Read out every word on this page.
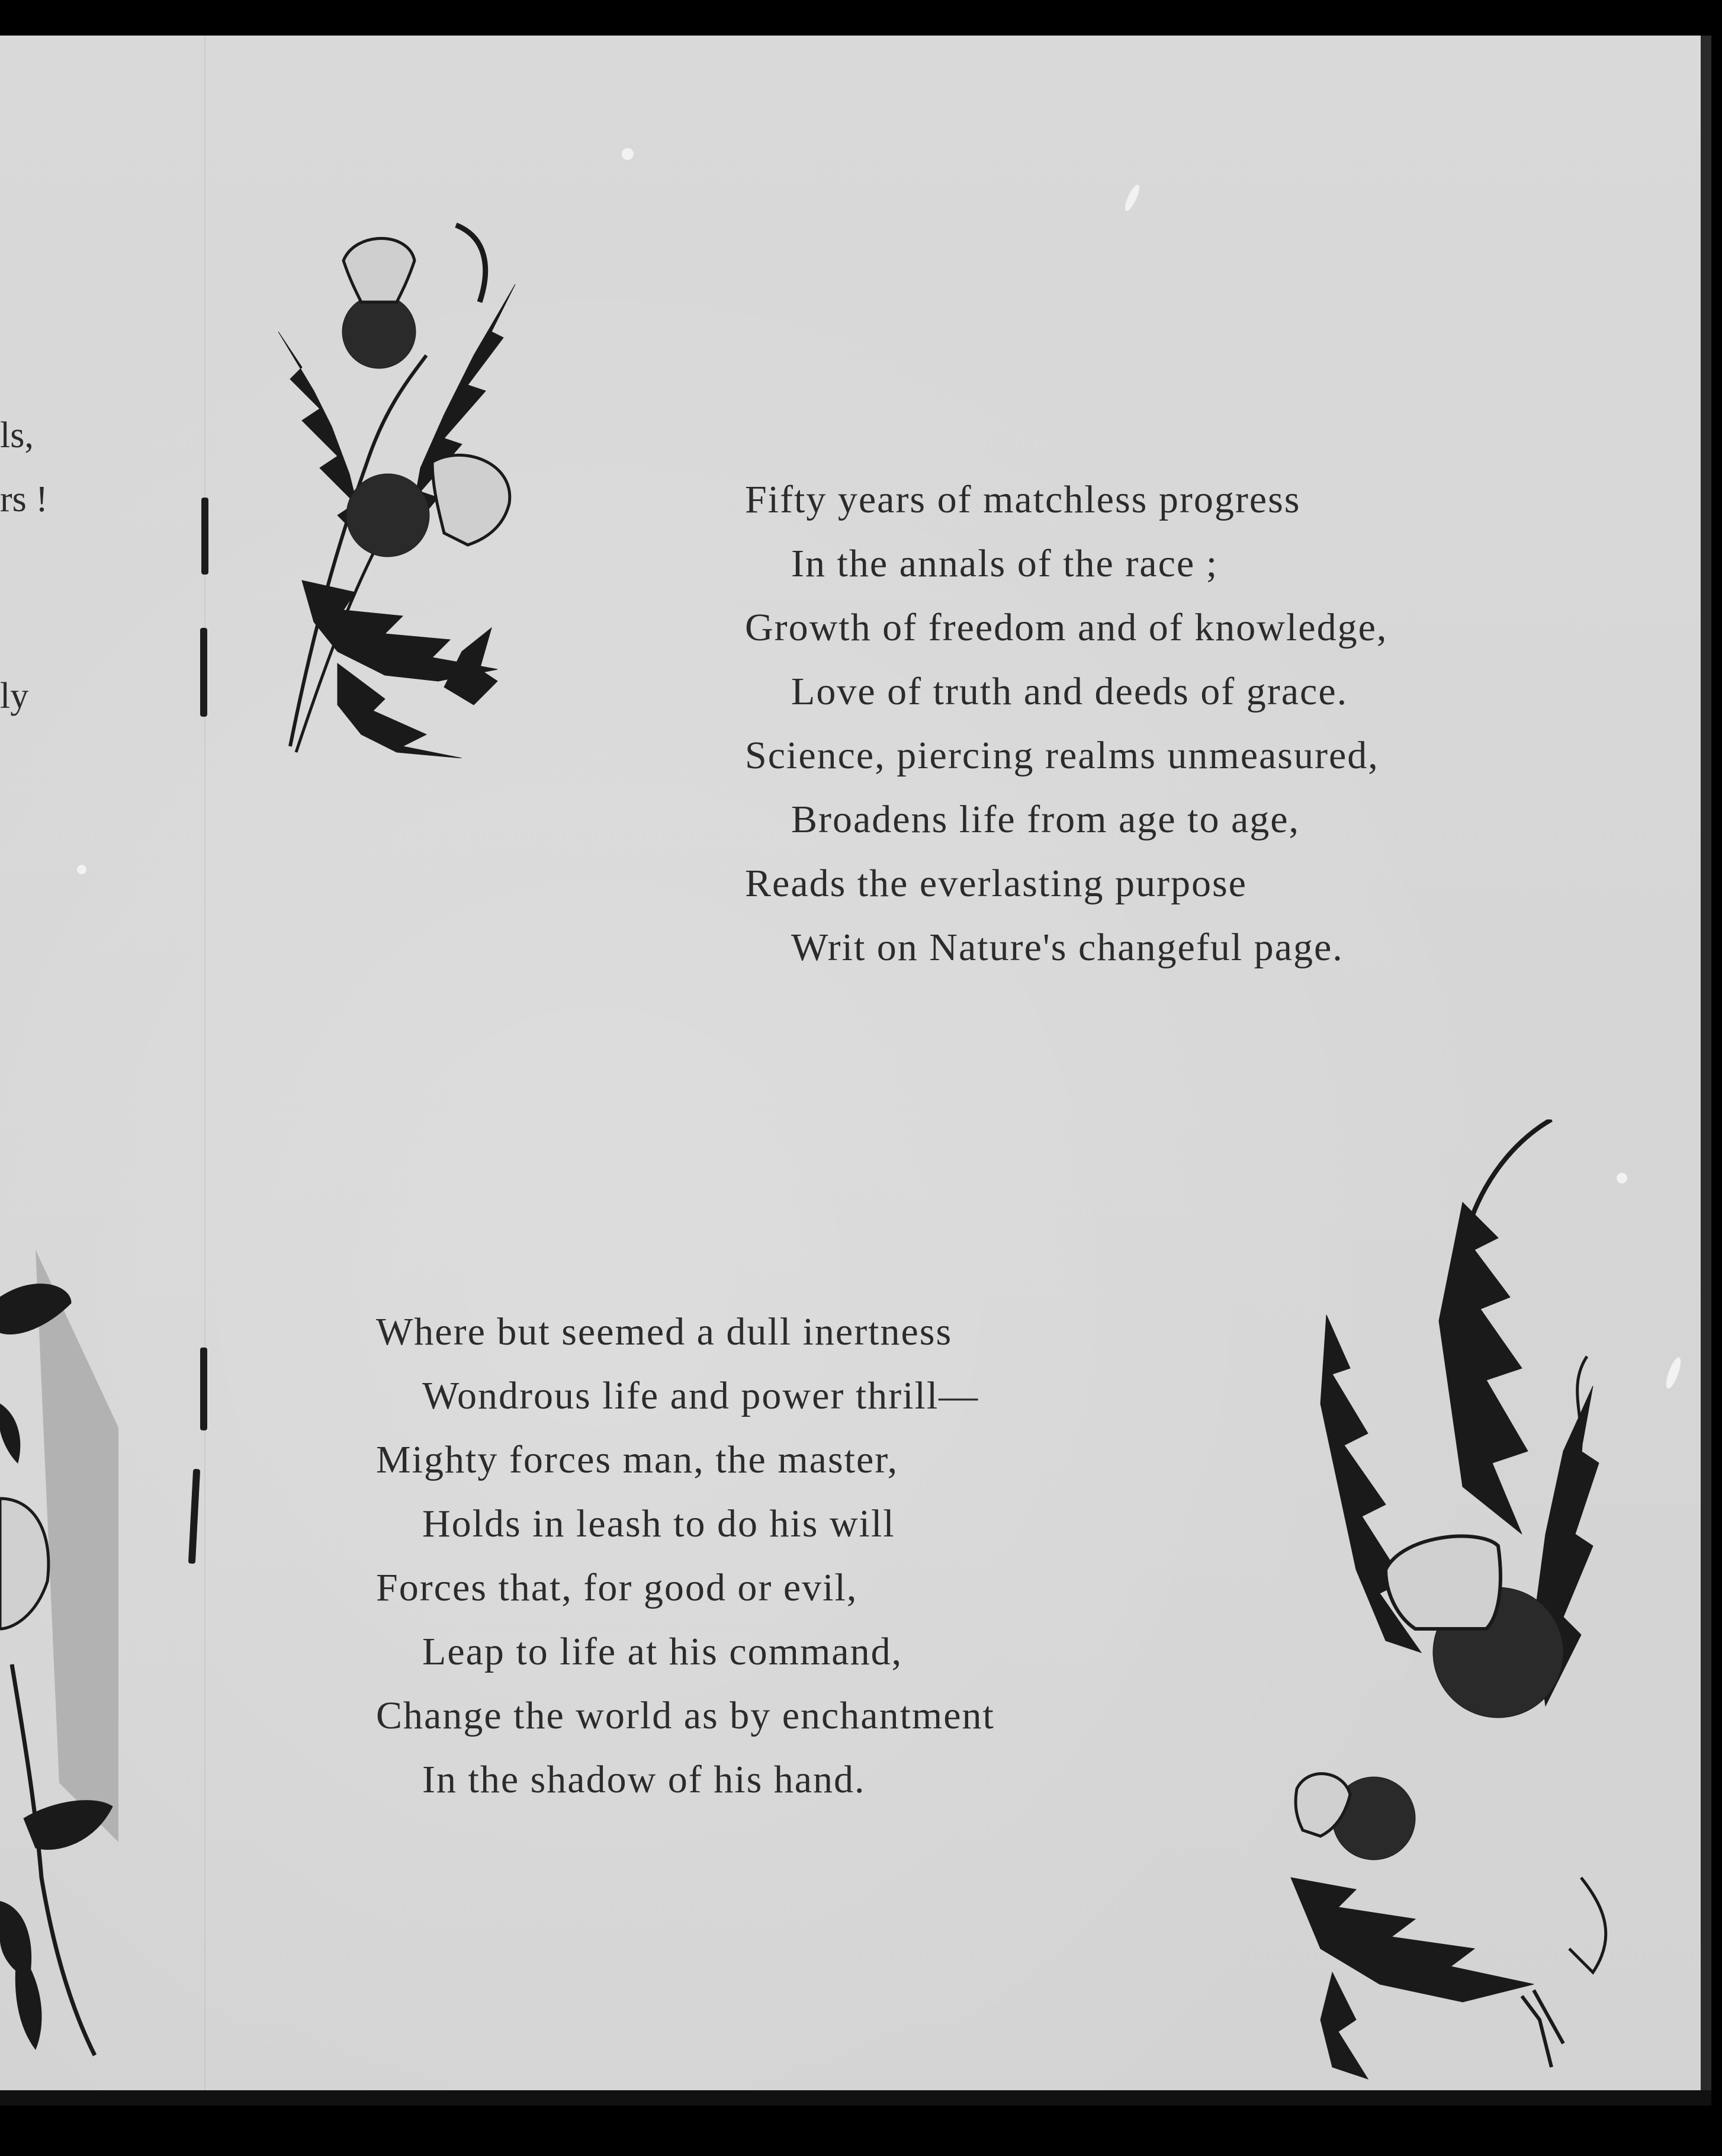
ls,
rs !
ly
Fifty years of matchless progress
In the annals of the race ;
Growth of freedom and of knowledge,
Love of truth and deeds of grace.
Science, piercing realms unmeasured,
Broadens life from age to age,
Reads the everlasting purpose
Writ on Nature's changeful page.
Where but seemed a dull inertness
Wondrous life and power thrill—
Mighty forces man, the master,
Holds in leash to do his will
Forces that, for good or evil,
Leap to life at his command,
Change the world as by enchantment
In the shadow of his hand.
